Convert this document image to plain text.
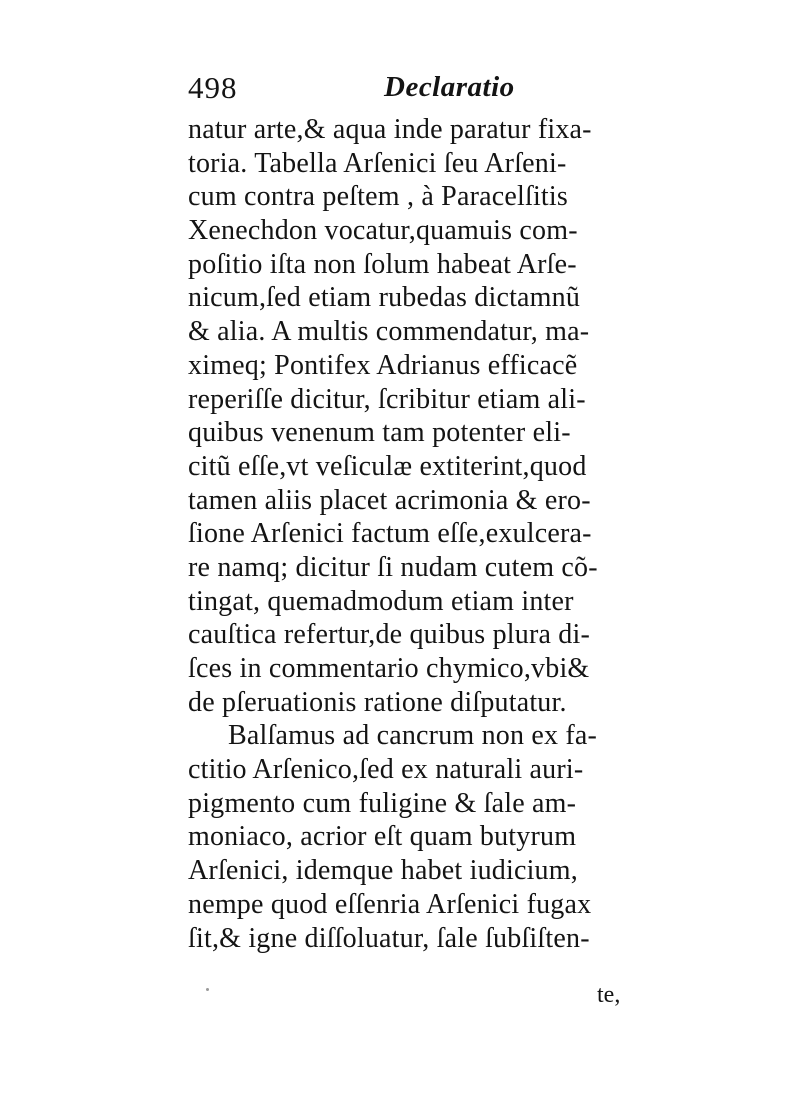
498	Declaratio
natur arte,& aqua inde paratur fixa-
toria. Tabella Arſenici ſeu Arſeni-
cum contra peſtem , à Paracelſitis
Xenechdon vocatur,quamuis com-
poſitio iſta non ſolum habeat Arſe-
nicum,ſed etiam rubedas dictamnũ
& alia. A multis commendatur, ma-
ximeq; Pontifex Adrianus efficacẽ
reperiſſe dicitur, ſcribitur etiam ali-
quibus venenum tam potenter eli-
citũ eſſe,vt veſiculæ extiterint,quod
tamen aliis placet acrimonia & ero-
ſione Arſenici factum eſſe,exulcera-
re namq; dicitur ſi nudam cutem cõ-
tingat, quemadmodum etiam inter
cauſtica refertur,de quibus plura di-
ſces in commentario chymico,vbi&
de pſeruationis ratione diſputatur.
Balſamus ad cancrum non ex fa-
ctitio Arſenico,ſed ex naturali auri-
pigmento cum fuligine & ſale am-
moniaco, acrior eſt quam butyrum
Arſenici, idemque habet iudicium,
nempe quod eſſenria Arſenici fugax
ſit,& igne diſſoluatur, ſale ſubſiſten-
te,
